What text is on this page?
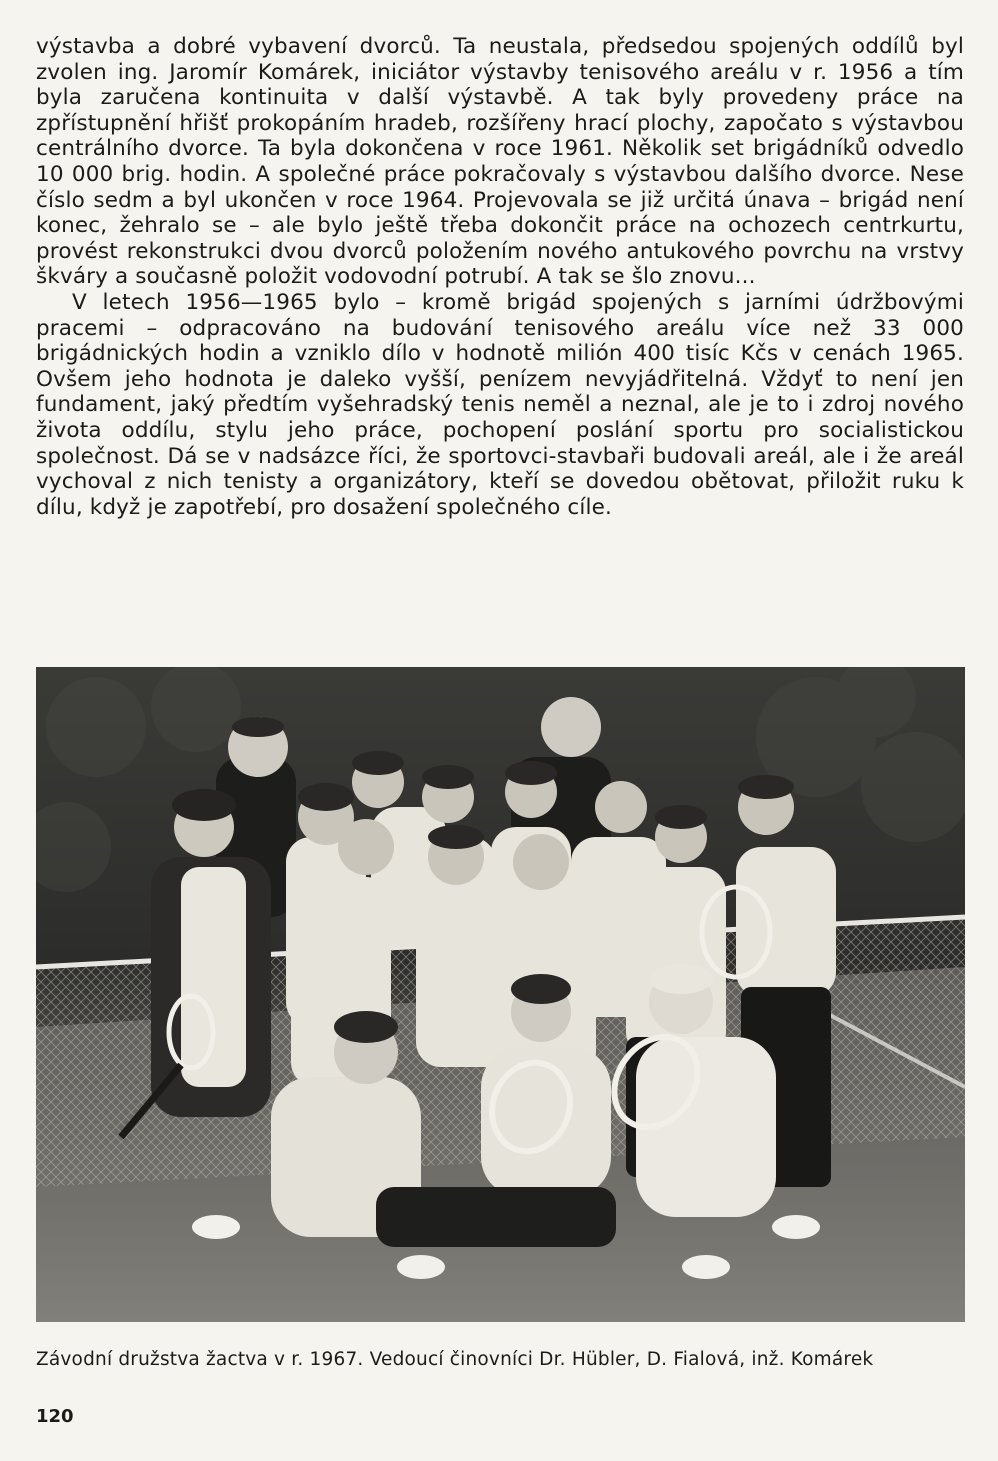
výstavba a dobré vybavení dvorců. Ta neustala, předsedou spojených oddílů byl zvolen ing. Jaromír Komárek, iniciátor výstavby tenisového areálu v r. 1956 a tím byla zaručena kontinuita v další výstavbě. A tak byly provedeny práce na zpřístupnění hřišť prokopáním hradeb, rozšířeny hrací plochy, započato s výstavbou centrálního dvorce. Ta byla dokončena v roce 1961. Několik set brigádníků odvedlo 10 000 brig. hodin. A společné práce pokračovaly s výstavbou dalšího dvorce. Nese číslo sedm a byl ukončen v roce 1964. Projevovala se již určitá únava – brigád není konec, žehralo se – ale bylo ještě třeba dokončit práce na ochozech centrkurtu, provést rekonstrukci dvou dvorců položením nového antukového povrchu na vrstvy škváry a současně položit vodovodní potrubí. A tak se šlo znovu...

V letech 1956—1965 bylo – kromě brigád spojených s jarními údržbovými pracemi – odpracováno na budování tenisového areálu více než 33 000 brigádnických hodin a vzniklo dílo v hodnotě milión 400 tisíc Kčs v cenách 1965. Ovšem jeho hodnota je daleko vyšší, penízem nevyjádřitelná. Vždyť to není jen fundament, jaký předtím vyšehradský tenis neměl a neznal, ale je to i zdroj nového života oddílu, stylu jeho práce, pochopení poslání sportu pro socialistickou společnost. Dá se v nadsázce říci, že sportovci-stavbaři budovali areál, ale i že areál vychoval z nich tenisty a organizátory, kteří se dovedou obětovat, přiložit ruku k dílu, když je zapotřebí, pro dosažení společného cíle.

Závodní družstva žactva v r. 1967. Vedoucí činovníci Dr. Hübler, D. Fialová, inž. Komárek
120
